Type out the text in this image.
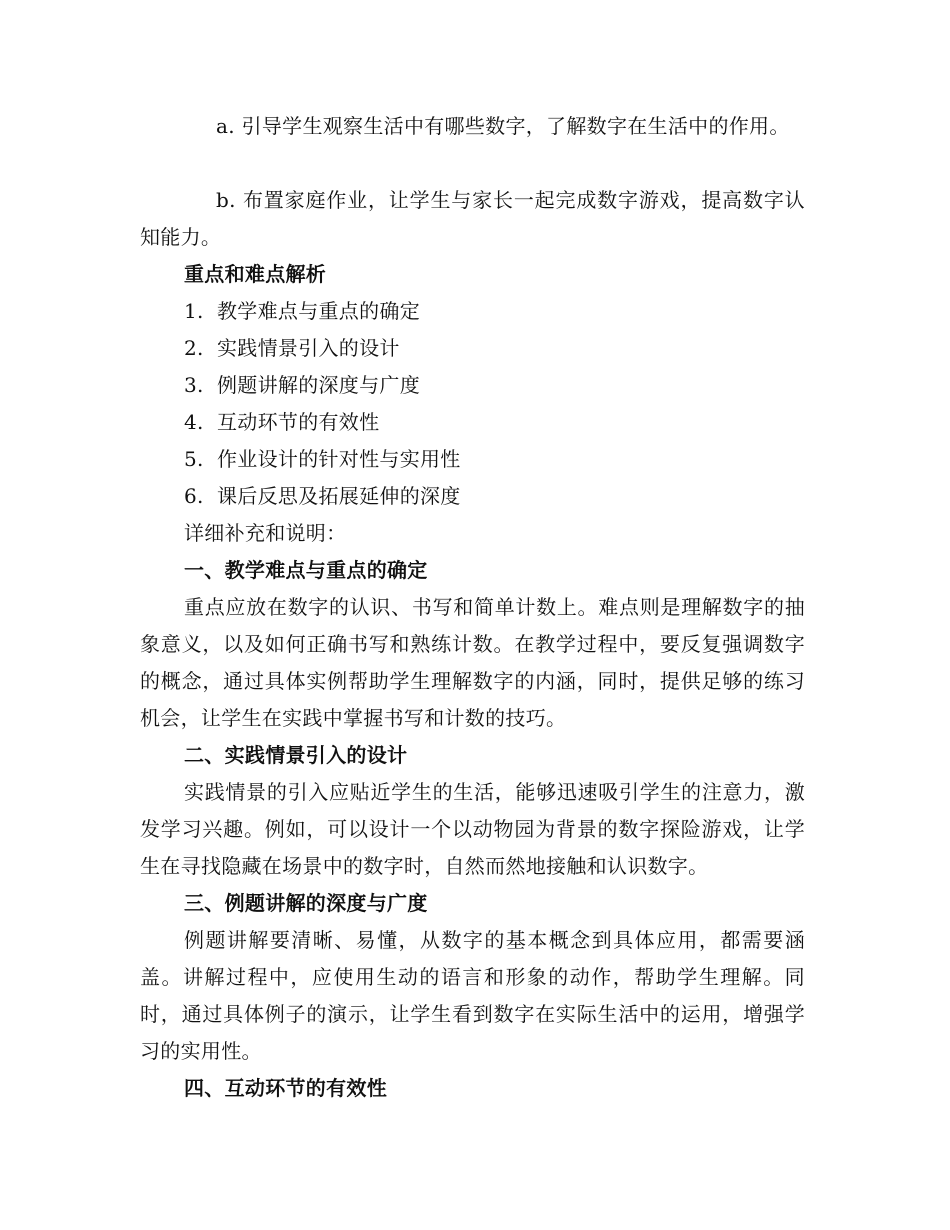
a. 引导学生观察生活中有哪些数字，了解数字在生活中的作用。

b. 布置家庭作业，让学生与家长一起完成数字游戏，提高数字认知能力。

重点和难点解析

1. 教学难点与重点的确定

2. 实践情景引入的设计

3. 例题讲解的深度与广度

4. 互动环节的有效性

5. 作业设计的针对性与实用性

6. 课后反思及拓展延伸的深度

详细补充和说明：

一、教学难点与重点的确定

重点应放在数字的认识、书写和简单计数上。难点则是理解数字的抽象意义，以及如何正确书写和熟练计数。在教学过程中，要反复强调数字的概念，通过具体实例帮助学生理解数字的内涵，同时，提供足够的练习机会，让学生在实践中掌握书写和计数的技巧。

二、实践情景引入的设计

实践情景的引入应贴近学生的生活，能够迅速吸引学生的注意力，激发学习兴趣。例如，可以设计一个以动物园为背景的数字探险游戏，让学生在寻找隐藏在场景中的数字时，自然而然地接触和认识数字。

三、例题讲解的深度与广度

例题讲解要清晰、易懂，从数字的基本概念到具体应用，都需要涵盖。讲解过程中，应使用生动的语言和形象的动作，帮助学生理解。同时，通过具体例子的演示，让学生看到数字在实际生活中的运用，增强学习的实用性。

四、互动环节的有效性
